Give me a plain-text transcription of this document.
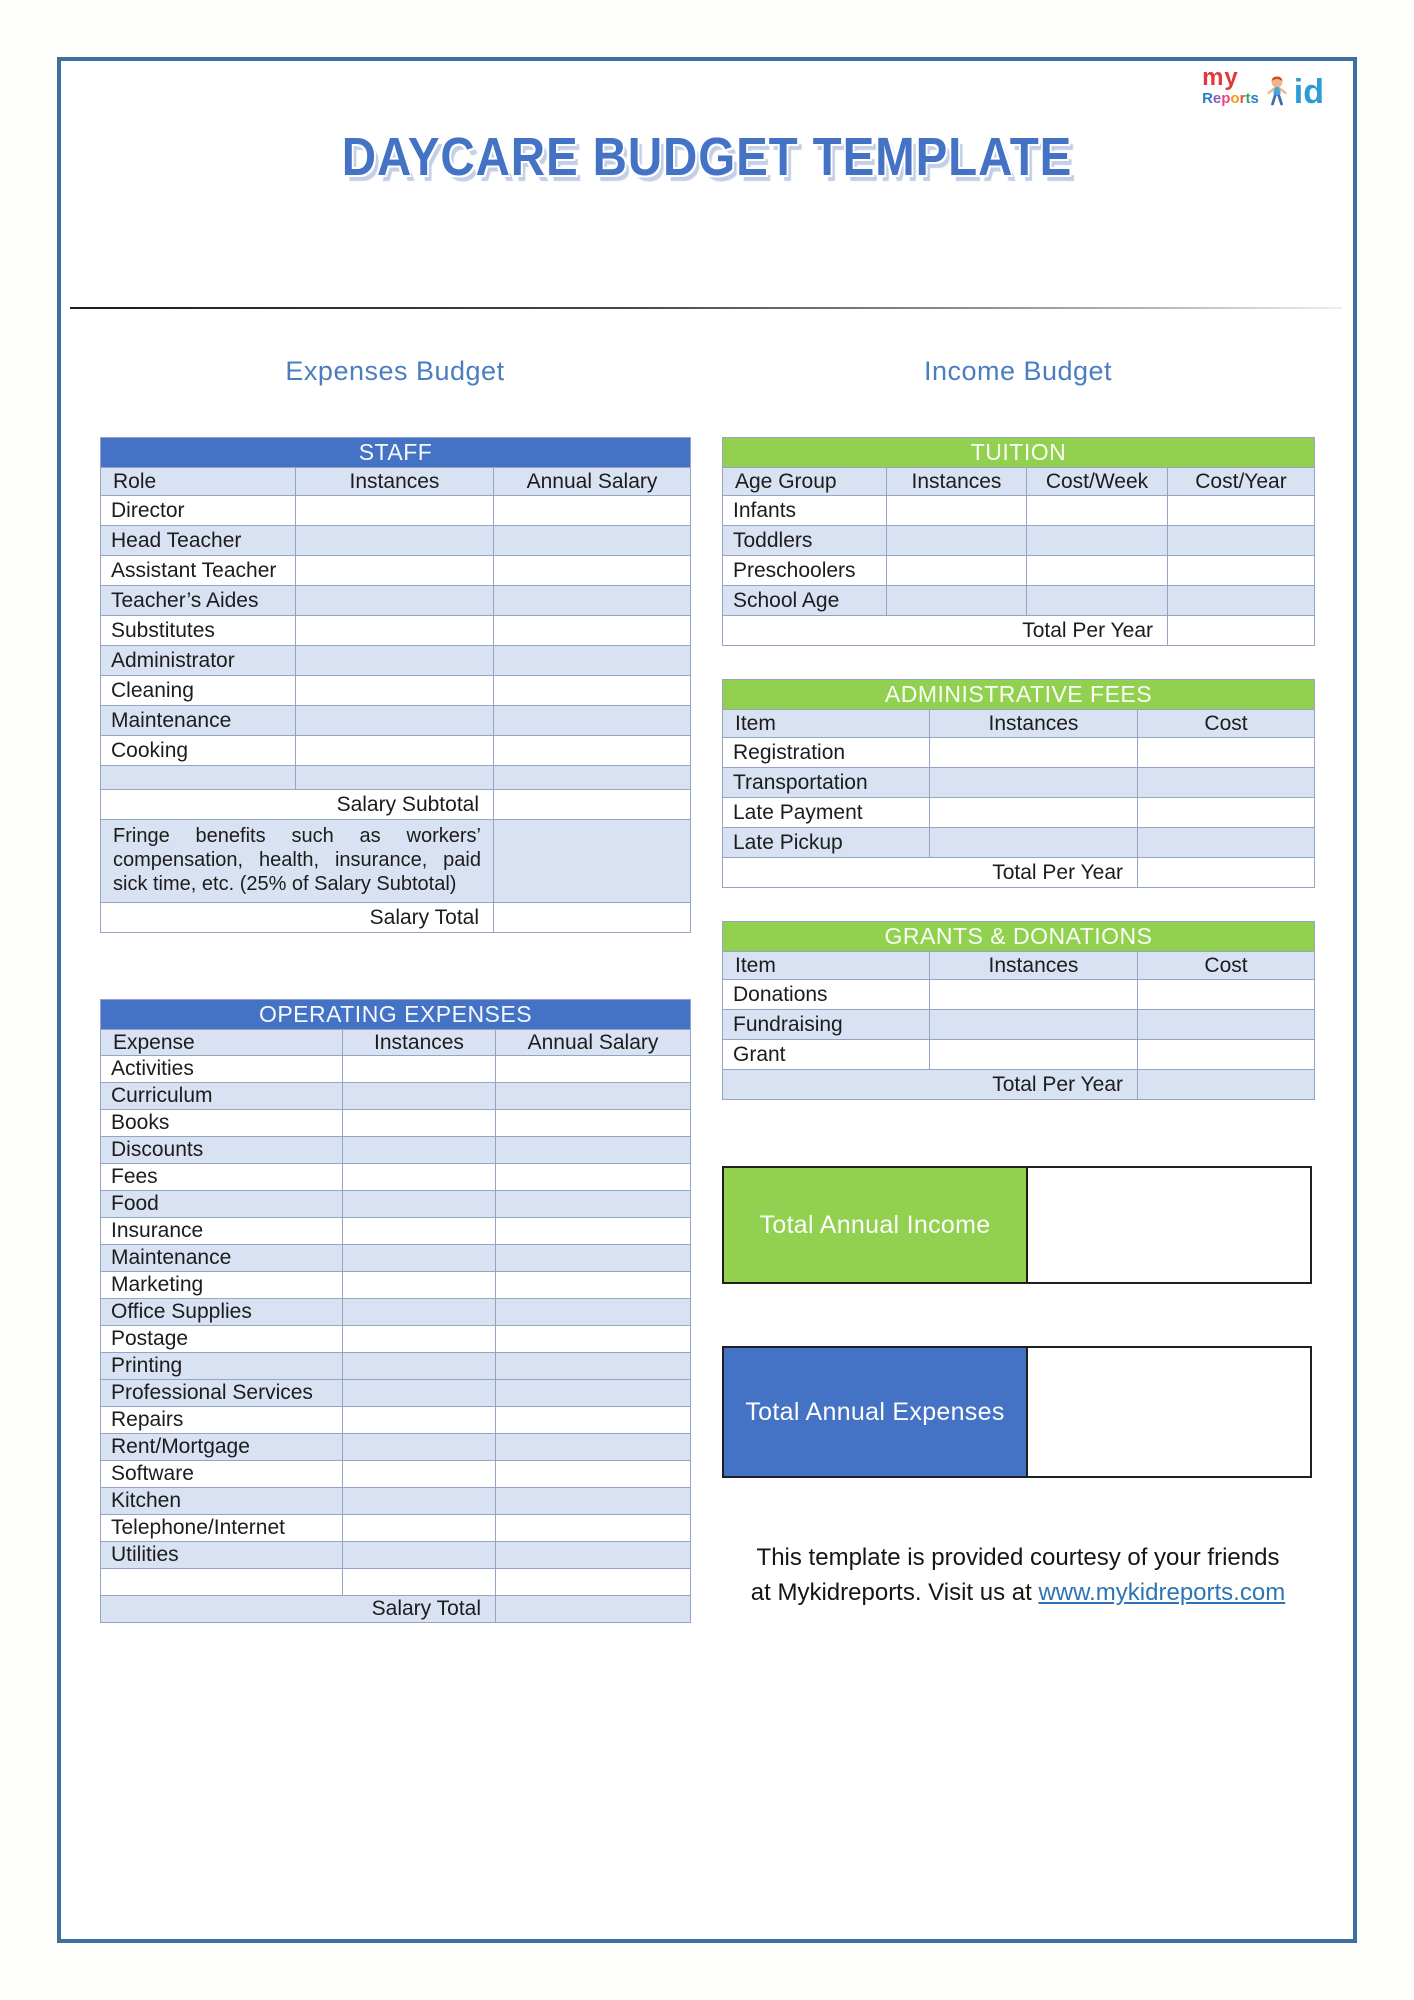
my
Reports id
DAYCARE BUDGET TEMPLATE
Expenses Budget
STAFF		
Role	Instances	Annual Salary
Director		
Head Teacher		
Assistant Teacher		
Teacher’s Aides		
Substitutes		
Administrator		
Cleaning		
Maintenance		
Cooking		

Salary Subtotal		
Fringe benefits such as workers’ compensation, health, insurance, paid sick time, etc. (25% of Salary Subtotal)		
Salary Total		
OPERATING EXPENSES		
Expense	Instances	Annual Salary
Activities		
Curriculum		
Books		
Discounts		
Fees		
Food		
Insurance		
Maintenance		
Marketing		
Office Supplies		
Postage		
Printing		
Professional Services		
Repairs		
Rent/Mortgage		
Software		
Kitchen		
Telephone/Internet		
Utilities		

Salary Total		
Income Budget
TUITION			
Age Group	Instances	Cost/Week	Cost/Year
Infants			
Toddlers			
Preschoolers			
School Age			
Total Per Year			
ADMINISTRATIVE FEES		
Item	Instances	Cost
Registration		
Transportation		
Late Payment		
Late Pickup		
Total Per Year		
GRANTS & DONATIONS		
Item	Instances	Cost
Donations		
Fundraising		
Grant		
Total Per Year		
Total Annual Income
Total Annual Expenses

This template is provided courtesy of your friends
at Mykidreports. Visit us at www.mykidreports.com
